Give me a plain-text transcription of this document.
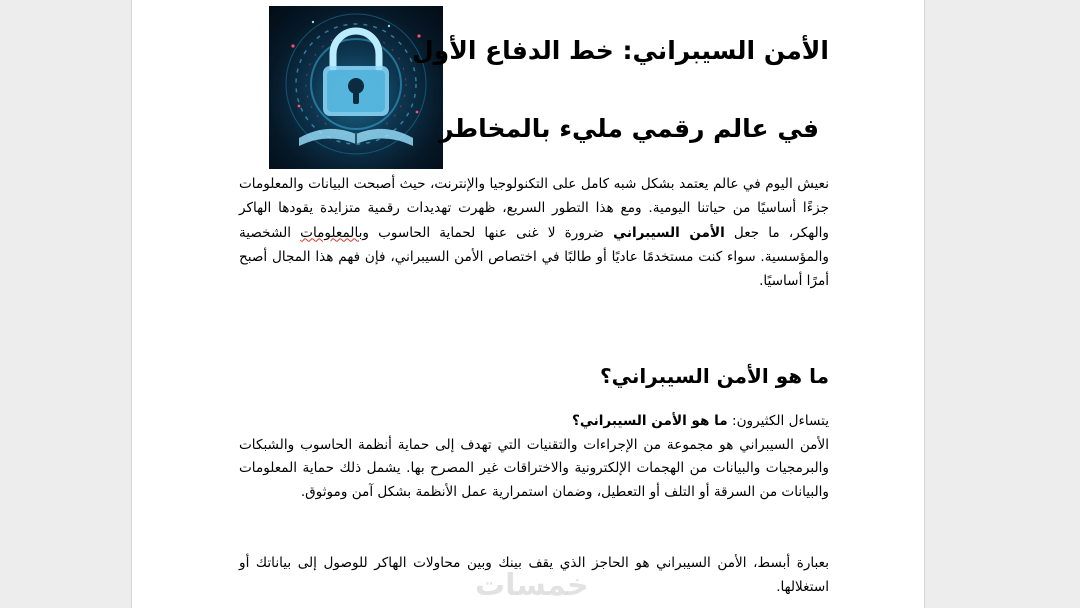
الأمن السيبراني: خط الدفاع الأول
في عالم رقمي مليء بالمخاطر

نعيش اليوم في عالم يعتمد بشكل شبه كامل على التكنولوجيا والإنترنت، حيث أصبحت البيانات والمعلومات جزءًا أساسيًا من حياتنا اليومية. ومع هذا التطور السريع، ظهرت تهديدات رقمية متزايدة يقودها الهاكر والهكر، ما جعل الأمن السيبراني ضرورة لا غنى عنها لحماية الحاسوب وبالمعلومات الشخصية والمؤسسية. سواء كنت مستخدمًا عاديًا أو طالبًا في اختصاص الأمن السيبراني، فإن فهم هذا المجال أصبح أمرًا أساسيًا.

ما هو الأمن السيبراني؟

يتساءل الكثيرون: ما هو الأمن السيبراني؟
الأمن السيبراني هو مجموعة من الإجراءات والتقنيات التي تهدف إلى حماية أنظمة الحاسوب والشبكات والبرمجيات والبيانات من الهجمات الإلكترونية والاختراقات غير المصرح بها. يشمل ذلك حماية المعلومات والبيانات من السرقة أو التلف أو التعطيل، وضمان استمرارية عمل الأنظمة بشكل آمن وموثوق.

بعبارة أبسط، الأمن السيبراني هو الحاجز الذي يقف بينك وبين محاولات الهاكر للوصول إلى بياناتك أو استغلالها.

خمسات
